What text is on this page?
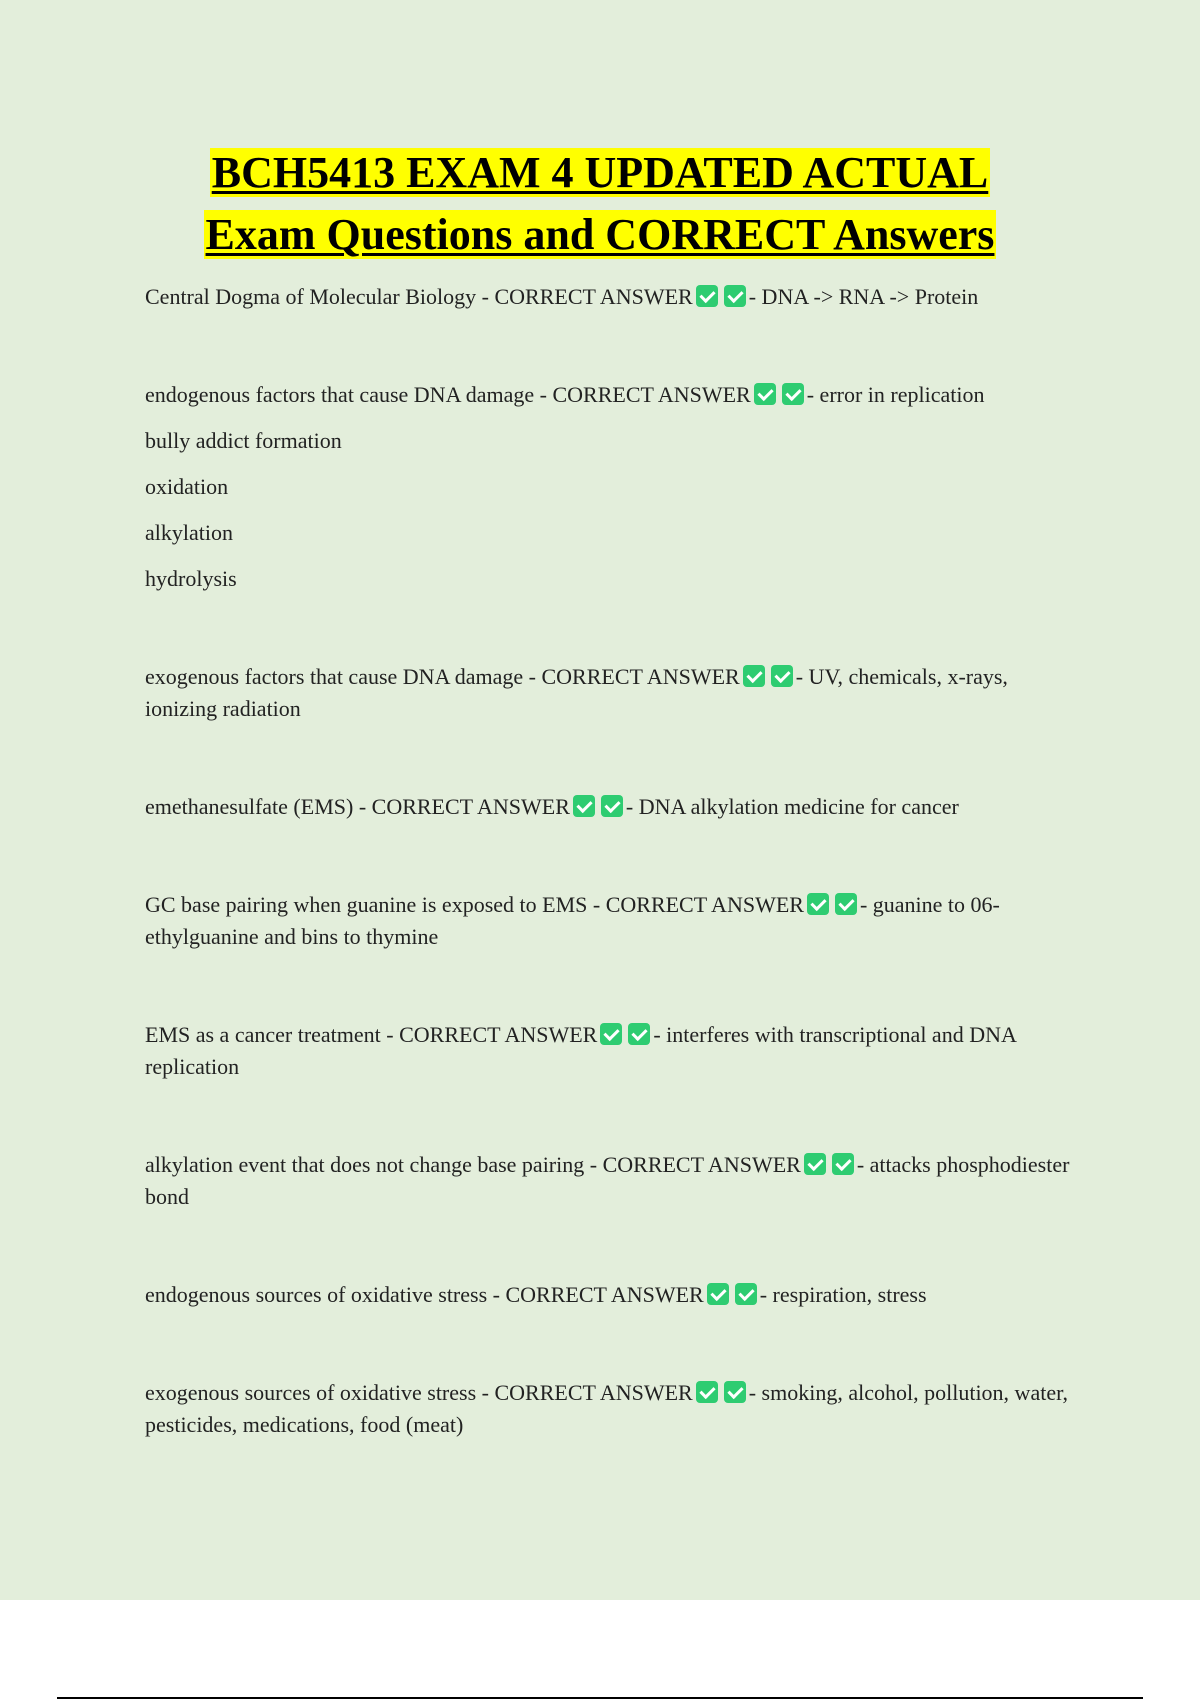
BCH5413 EXAM 4 UPDATED ACTUAL
Exam Questions and CORRECT Answers

Central Dogma of Molecular Biology - CORRECT ANSWER	- DNA -> RNA -> Protein

endogenous factors that cause DNA damage - CORRECT ANSWER	- error in replication

bully addict formation

oxidation

alkylation

hydrolysis

exogenous factors that cause DNA damage - CORRECT ANSWER	- UV, chemicals, x-rays, ionizing radiation

emethanesulfate (EMS) - CORRECT ANSWER	- DNA alkylation medicine for cancer

GC base pairing when guanine is exposed to EMS - CORRECT ANSWER	- guanine to 06-ethylguanine and bins to thymine

EMS as a cancer treatment - CORRECT ANSWER	- interferes with transcriptional and DNA replication

alkylation event that does not change base pairing - CORRECT ANSWER	- attacks phosphodiester bond

endogenous sources of oxidative stress - CORRECT ANSWER	- respiration, stress

exogenous sources of oxidative stress - CORRECT ANSWER	- smoking, alcohol, pollution, water, pesticides, medications, food (meat)
